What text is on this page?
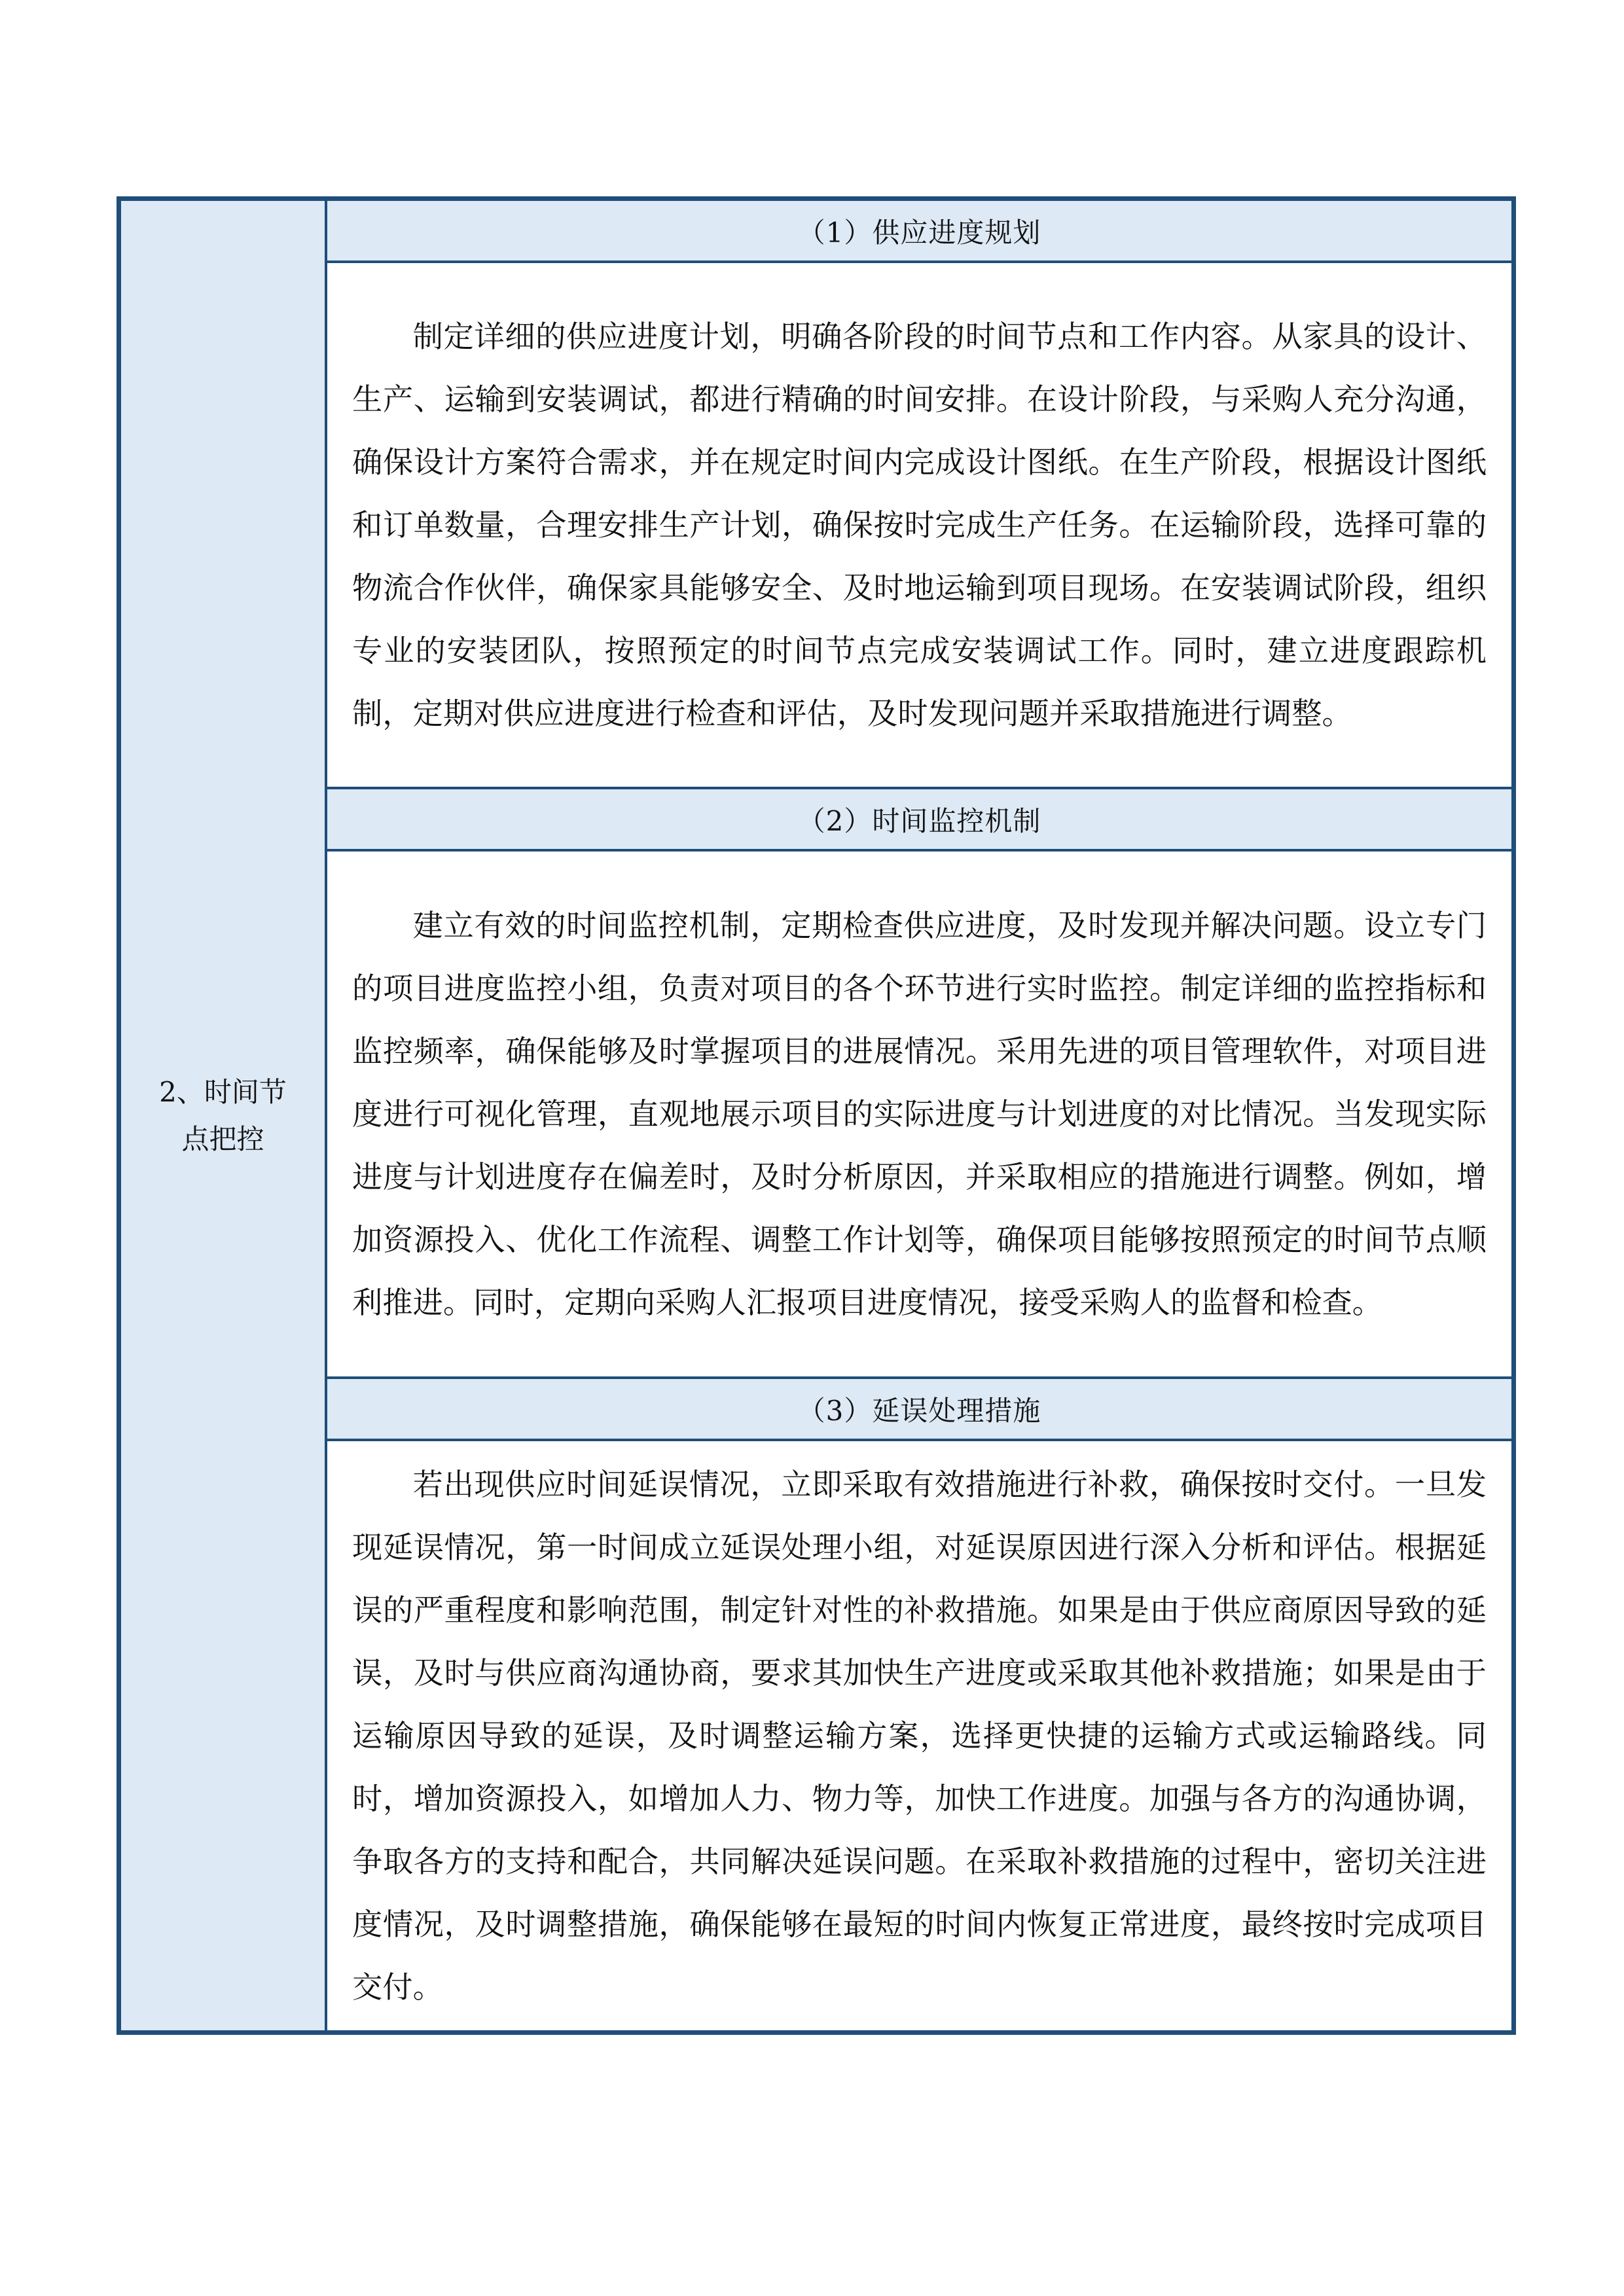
2、时间节点把控	（1）供应进度规划

制定详细的供应进度计划，明确各阶段的时间节点和工作内容。从家具的设计、生产、运输到安装调试，都进行精确的时间安排。在设计阶段，与采购人充分沟通，确保设计方案符合需求，并在规定时间内完成设计图纸。在生产阶段，根据设计图纸和订单数量，合理安排生产计划，确保按时完成生产任务。在运输阶段，选择可靠的物流合作伙伴，确保家具能够安全、及时地运输到项目现场。在安装调试阶段，组织专业的安装团队，按照预定的时间节点完成安装调试工作。同时，建立进度跟踪机制，定期对供应进度进行检查和评估，及时发现问题并采取措施进行调整。

（2）时间监控机制

建立有效的时间监控机制，定期检查供应进度，及时发现并解决问题。设立专门的项目进度监控小组，负责对项目的各个环节进行实时监控。制定详细的监控指标和监控频率，确保能够及时掌握项目的进展情况。采用先进的项目管理软件，对项目进度进行可视化管理，直观地展示项目的实际进度与计划进度的对比情况。当发现实际进度与计划进度存在偏差时，及时分析原因，并采取相应的措施进行调整。例如，增加资源投入、优化工作流程、调整工作计划等，确保项目能够按照预定的时间节点顺利推进。同时，定期向采购人汇报项目进度情况，接受采购人的监督和检查。

（3）延误处理措施

若出现供应时间延误情况，立即采取有效措施进行补救，确保按时交付。一旦发现延误情况，第一时间成立延误处理小组，对延误原因进行深入分析和评估。根据延误的严重程度和影响范围，制定针对性的补救措施。如果是由于供应商原因导致的延误，及时与供应商沟通协商，要求其加快生产进度或采取其他补救措施；如果是由于运输原因导致的延误，及时调整运输方案，选择更快捷的运输方式或运输路线。同时，增加资源投入，如增加人力、物力等，加快工作进度。加强与各方的沟通协调，争取各方的支持和配合，共同解决延误问题。在采取补救措施的过程中，密切关注进度情况，及时调整措施，确保能够在最短的时间内恢复正常进度，最终按时完成项目交付。
